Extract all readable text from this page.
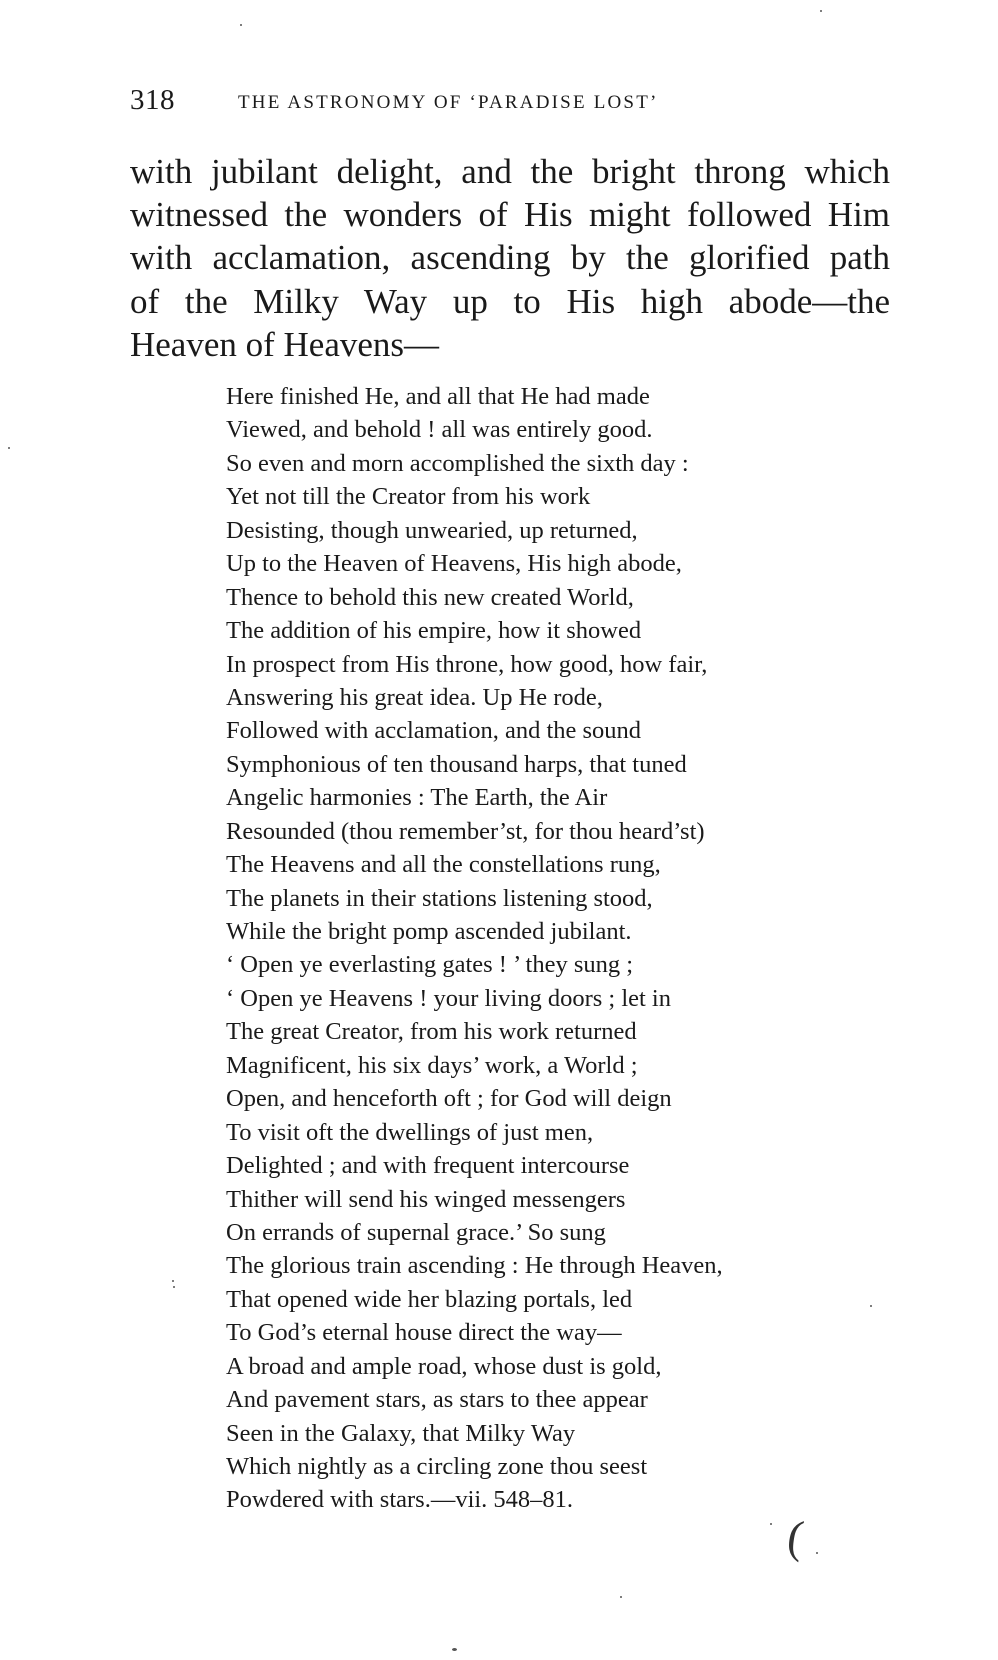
318	THE ASTRONOMY OF ‘PARADISE LOST’
with jubilant delight, and the bright throng which
witnessed the wonders of His might followed Him
with acclamation, ascending by the glorified path
of the Milky Way up to His high abode—the
Heaven of Heavens—
Here finished He, and all that He had made
Viewed, and behold ! all was entirely good.
So even and morn accomplished the sixth day :
Yet not till the Creator from his work
Desisting, though unwearied, up returned,
Up to the Heaven of Heavens, His high abode,
Thence to behold this new created World,
The addition of his empire, how it showed
In prospect from His throne, how good, how fair,
Answering his great idea. Up He rode,
Followed with acclamation, and the sound
Symphonious of ten thousand harps, that tuned
Angelic harmonies : The Earth, the Air
Resounded (thou remember’st, for thou heard’st)
The Heavens and all the constellations rung,
The planets in their stations listening stood,
While the bright pomp ascended jubilant.
‘ Open ye everlasting gates ! ’ they sung ;
‘ Open ye Heavens ! your living doors ; let in
The great Creator, from his work returned
Magnificent, his six days’ work, a World ;
Open, and henceforth oft ; for God will deign
To visit oft the dwellings of just men,
Delighted ; and with frequent intercourse
Thither will send his winged messengers
On errands of supernal grace.’ So sung
The glorious train ascending : He through Heaven,
That opened wide her blazing portals, led
To God’s eternal house direct the way—
A broad and ample road, whose dust is gold,
And pavement stars, as stars to thee appear
Seen in the Galaxy, that Milky Way
Which nightly as a circling zone thou seest
Powdered with stars.—vii. 548–81.
(
